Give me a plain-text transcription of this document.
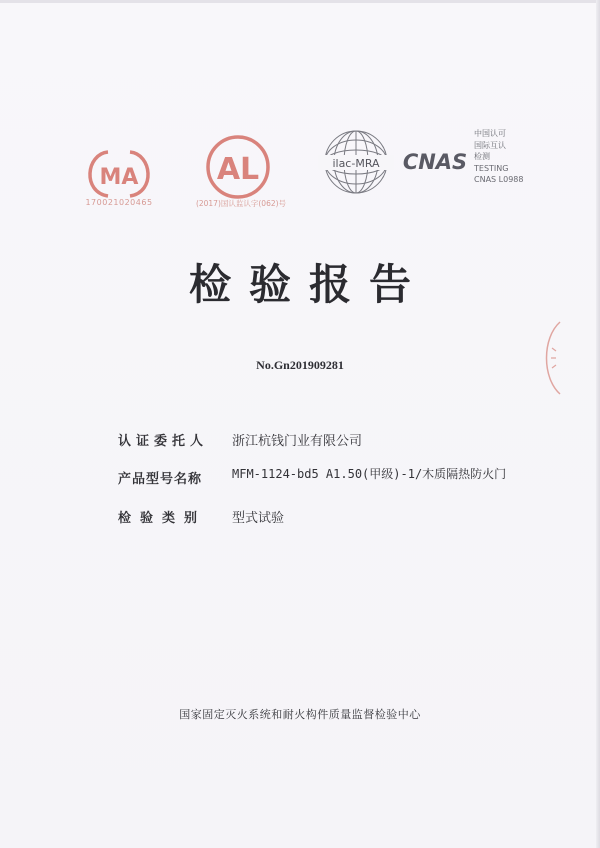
MA
170021020465
AL
(2017)国认监认字(062)号
ilac-MRA CNAS
中国认可
国际互认
检测
TESTING
CNAS L0988
检验报告
No.Gn201909281
认证委托人 浙江杭钱门业有限公司
产品型号名称 MFM-1124-bd5 A1.50(甲级)-1/木质隔热防火门
检验类别 型式试验
国家固定灭火系统和耐火构件质量监督检验中心
